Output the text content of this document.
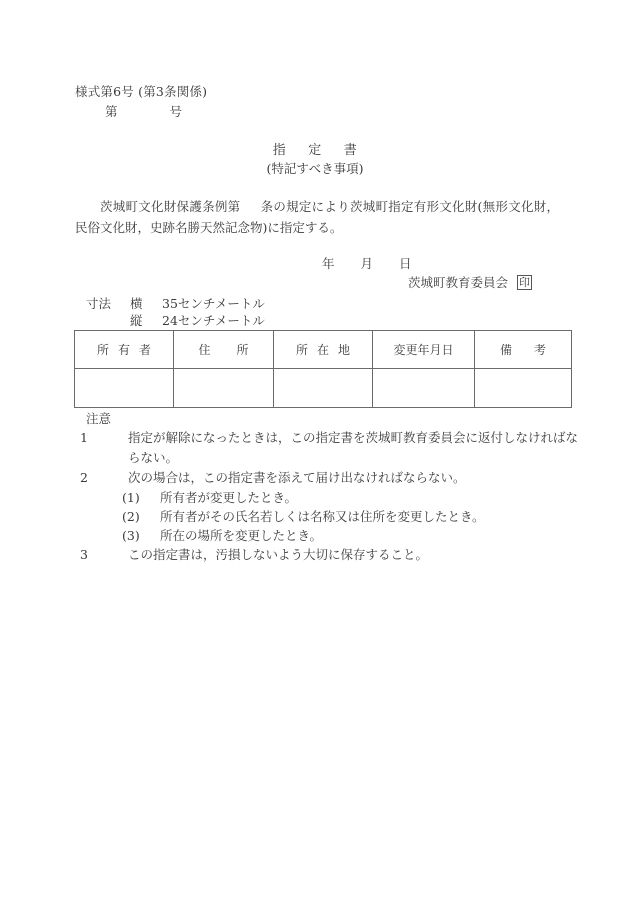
様式第6号 (第3条関係)
第	号
指 定 書
(特記すべき事項)
茨城町文化財保護条例第 条の規定により茨城町指定有形文化財(無形文化財，民俗文化財，史跡名勝天然記念物)に指定する。
年 月 日
茨城町教育委員会 印
寸法 横 35センチメートル
縦 24センチメートル
所 有 者	住 所	所 在 地	変更年月日	備 考

注意
1	指定が解除になったときは，この指定書を茨城町教育委員会に返付しなければならない。
2	次の場合は，この指定書を添えて届け出なければならない。
(1) 所有者が変更したとき。
(2) 所有者がその氏名若しくは名称又は住所を変更したとき。
(3) 所在の場所を変更したとき。
3	この指定書は，汚損しないよう大切に保存すること。
